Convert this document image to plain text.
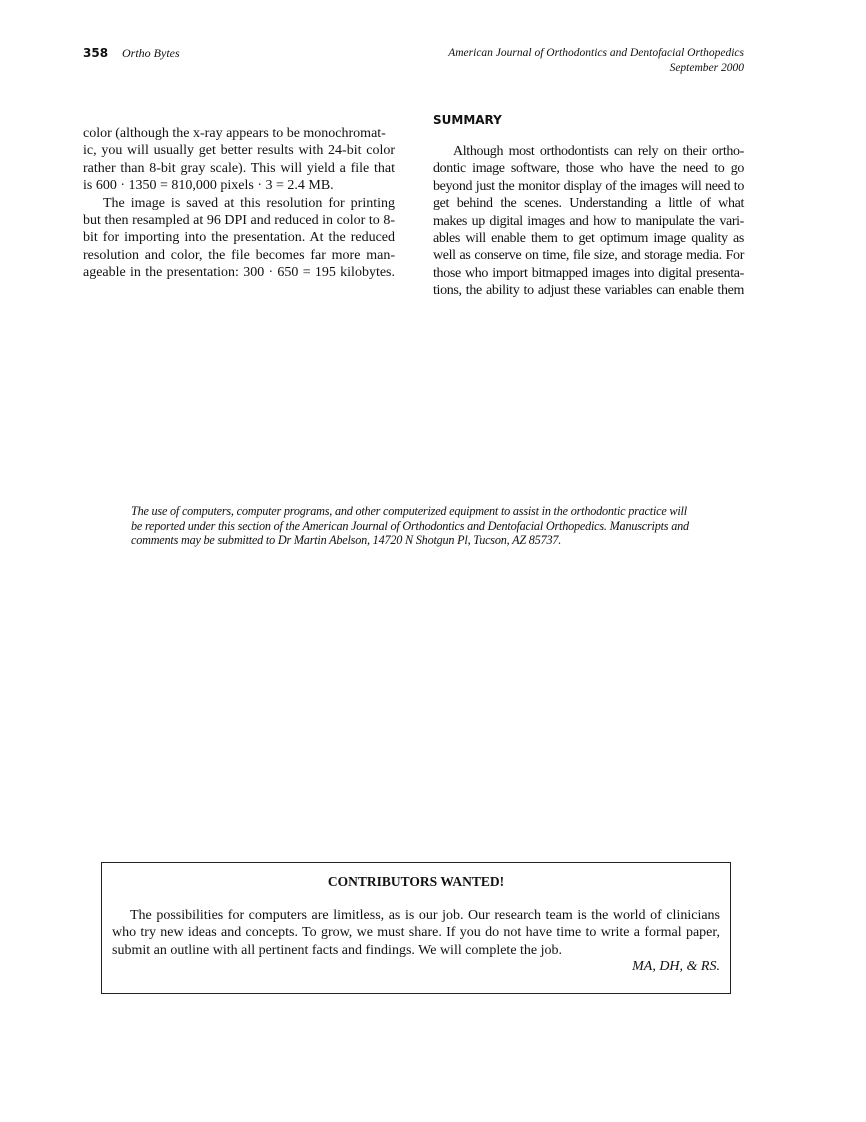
358 Ortho Bytes	American Journal of Orthodontics and Dentofacial Orthopedics
September 2000
color (although the x-ray appears to be monochromat-
ic, you will usually get better results with 24-bit color
rather than 8-bit gray scale). This will yield a file that
is 600 · 1350 = 810,000 pixels · 3 = 2.4 MB.
The image is saved at this resolution for printing
but then resampled at 96 DPI and reduced in color to 8-
bit for importing into the presentation. At the reduced
resolution and color, the file becomes far more man-
ageable in the presentation: 300 · 650 = 195 kilobytes.
SUMMARY
Although most orthodontists can rely on their ortho-
dontic image software, those who have the need to go
beyond just the monitor display of the images will need to
get behind the scenes. Understanding a little of what
makes up digital images and how to manipulate the vari-
ables will enable them to get optimum image quality as
well as conserve on time, file size, and storage media. For
those who import bitmapped images into digital presenta-
tions, the ability to adjust these variables can enable them
The use of computers, computer programs, and other computerized equipment to assist in the orthodontic practice will
be reported under this section of the American Journal of Orthodontics and Dentofacial Orthopedics. Manuscripts and
comments may be submitted to Dr Martin Abelson, 14720 N Shotgun Pl, Tucson, AZ 85737.
CONTRIBUTORS WANTED!
The possibilities for computers are limitless, as is our job. Our research team is the world of clinicians
who try new ideas and concepts. To grow, we must share. If you do not have time to write a formal paper,
submit an outline with all pertinent facts and findings. We will complete the job.
MA, DH, & RS.
